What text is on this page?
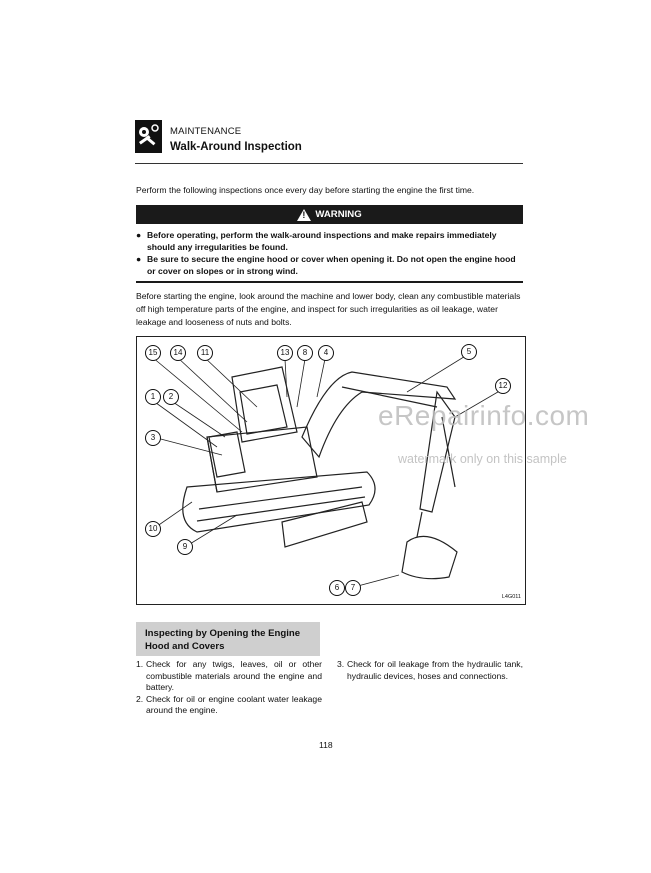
MAINTENANCE
Walk-Around Inspection
Perform the following inspections once every day before starting the engine the first time.
!
WARNING
● Before operating, perform the walk-around inspections and make repairs immediately should any irregularities be found.
● Be sure to secure the engine hood or cover when opening it. Do not open the engine hood or cover on slopes or in strong wind.
Before starting the engine, look around the machine and lower body, clean any combustible materials off high temperature parts of the engine, and inspect for such irregularities as oil leakage, water leakage and looseness of nuts and bolts.
15	14	11	13	8	4	5
12
1	2
3
10
9
6	7
L4G011
eRepairinfo.com
watermark only on this sample
Inspecting by Opening the Engine Hood and Covers
1. Check for any twigs, leaves, oil or other combustible materials around the engine and battery.
2. Check for oil or engine coolant water leakage around the engine.
3. Check for oil leakage from the hydraulic tank, hydraulic devices, hoses and connections.
118
